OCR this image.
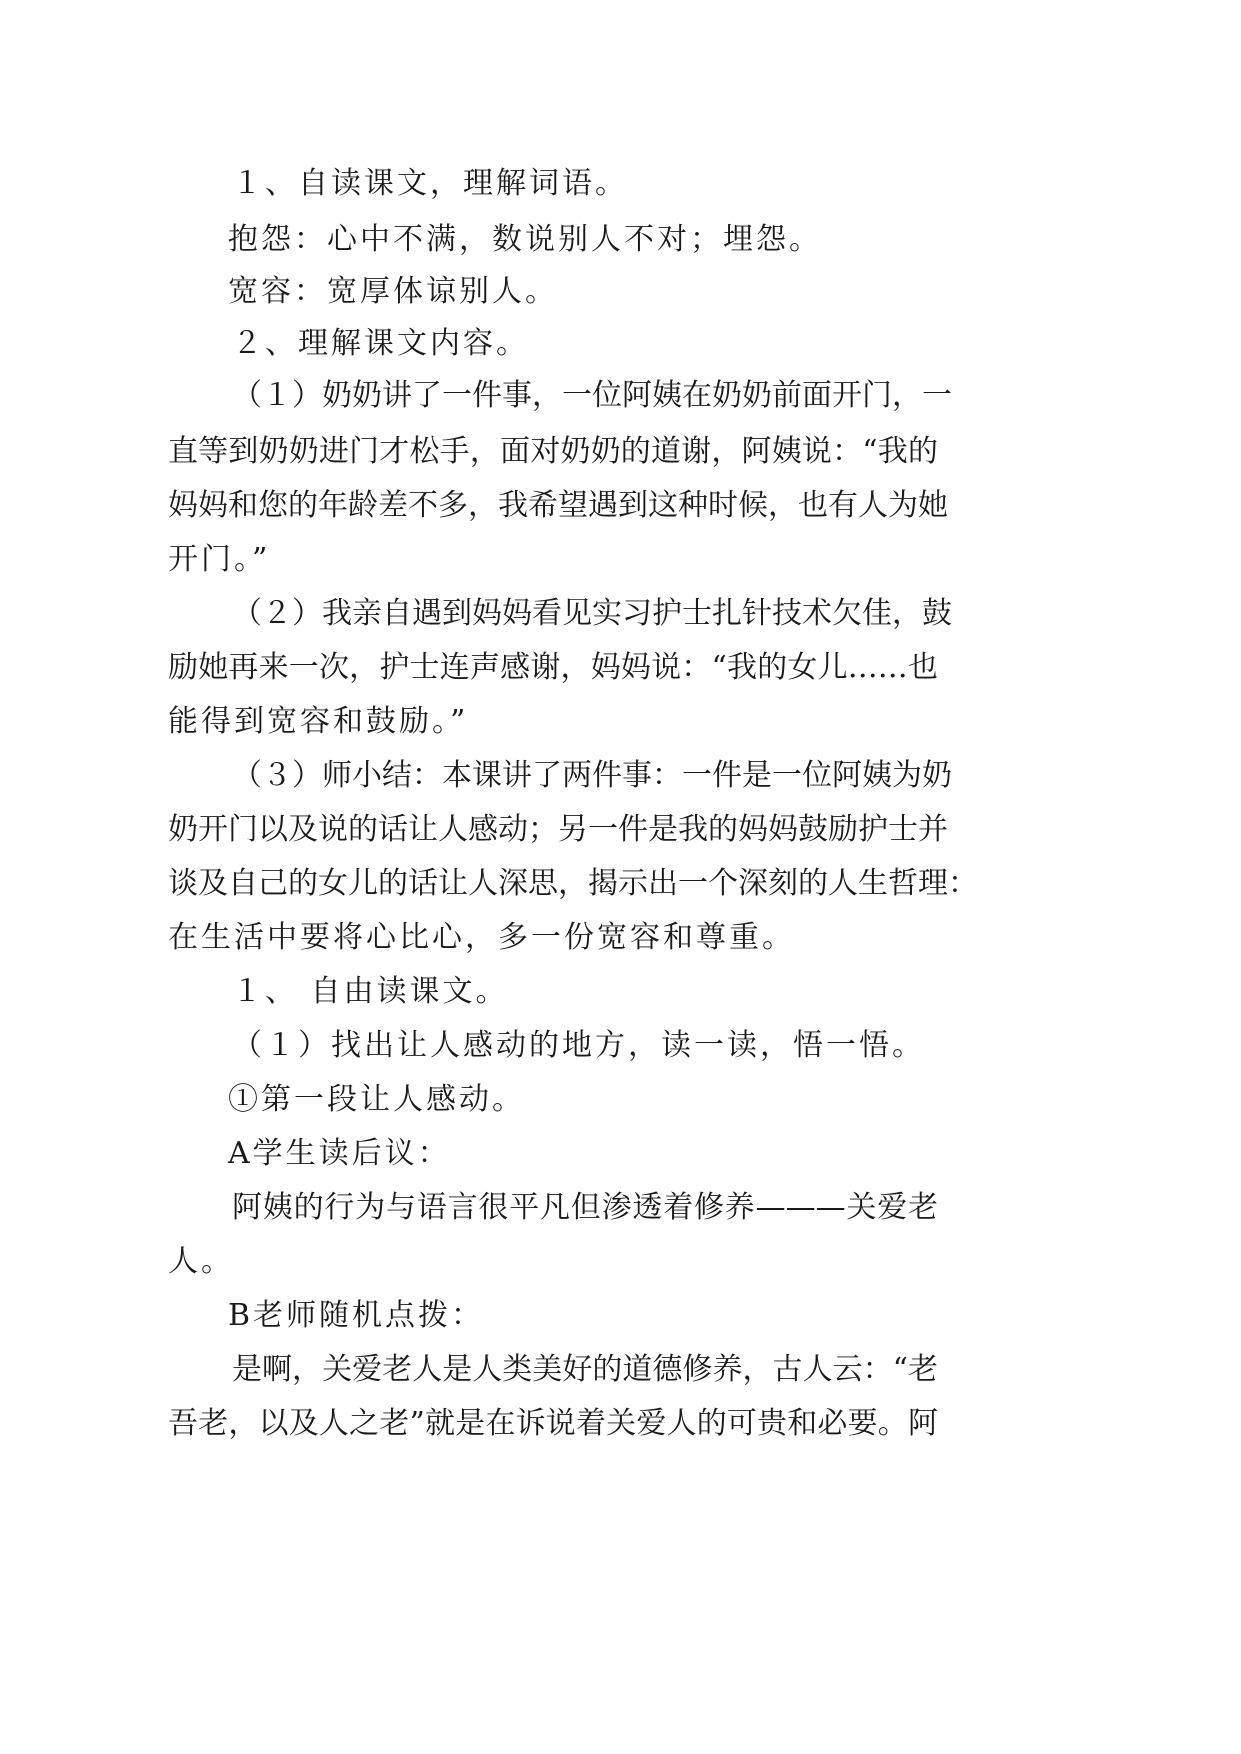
１、自读课文，理解词语。
抱怨：心中不满，数说别人不对；埋怨。
宽容：宽厚体谅别人。
２、理解课文内容。
（１）奶奶讲了一件事，一位阿姨在奶奶前面开门，一
直等到奶奶进门才松手，面对奶奶的道谢，阿姨说：“我的
妈妈和您的年龄差不多，我希望遇到这种时候，也有人为她
开门。”
（２）我亲自遇到妈妈看见实习护士扎针技术欠佳，鼓
励她再来一次，护士连声感谢，妈妈说：“我的女儿……也
能得到宽容和鼓励。”
（３）师小结：本课讲了两件事：一件是一位阿姨为奶
奶开门以及说的话让人感动；另一件是我的妈妈鼓励护士并
谈及自己的女儿的话让人深思，揭示出一个深刻的人生哲理：
在生活中要将心比心，多一份宽容和尊重。
１、 自由读课文。
（１）找出让人感动的地方，读一读，悟一悟。
①第一段让人感动。
A学生读后议：
阿姨的行为与语言很平凡但渗透着修养———关爱老
人。
B老师随机点拨：
是啊，关爱老人是人类美好的道德修养，古人云：“老
吾老，以及人之老”就是在诉说着关爱人的可贵和必要。阿
